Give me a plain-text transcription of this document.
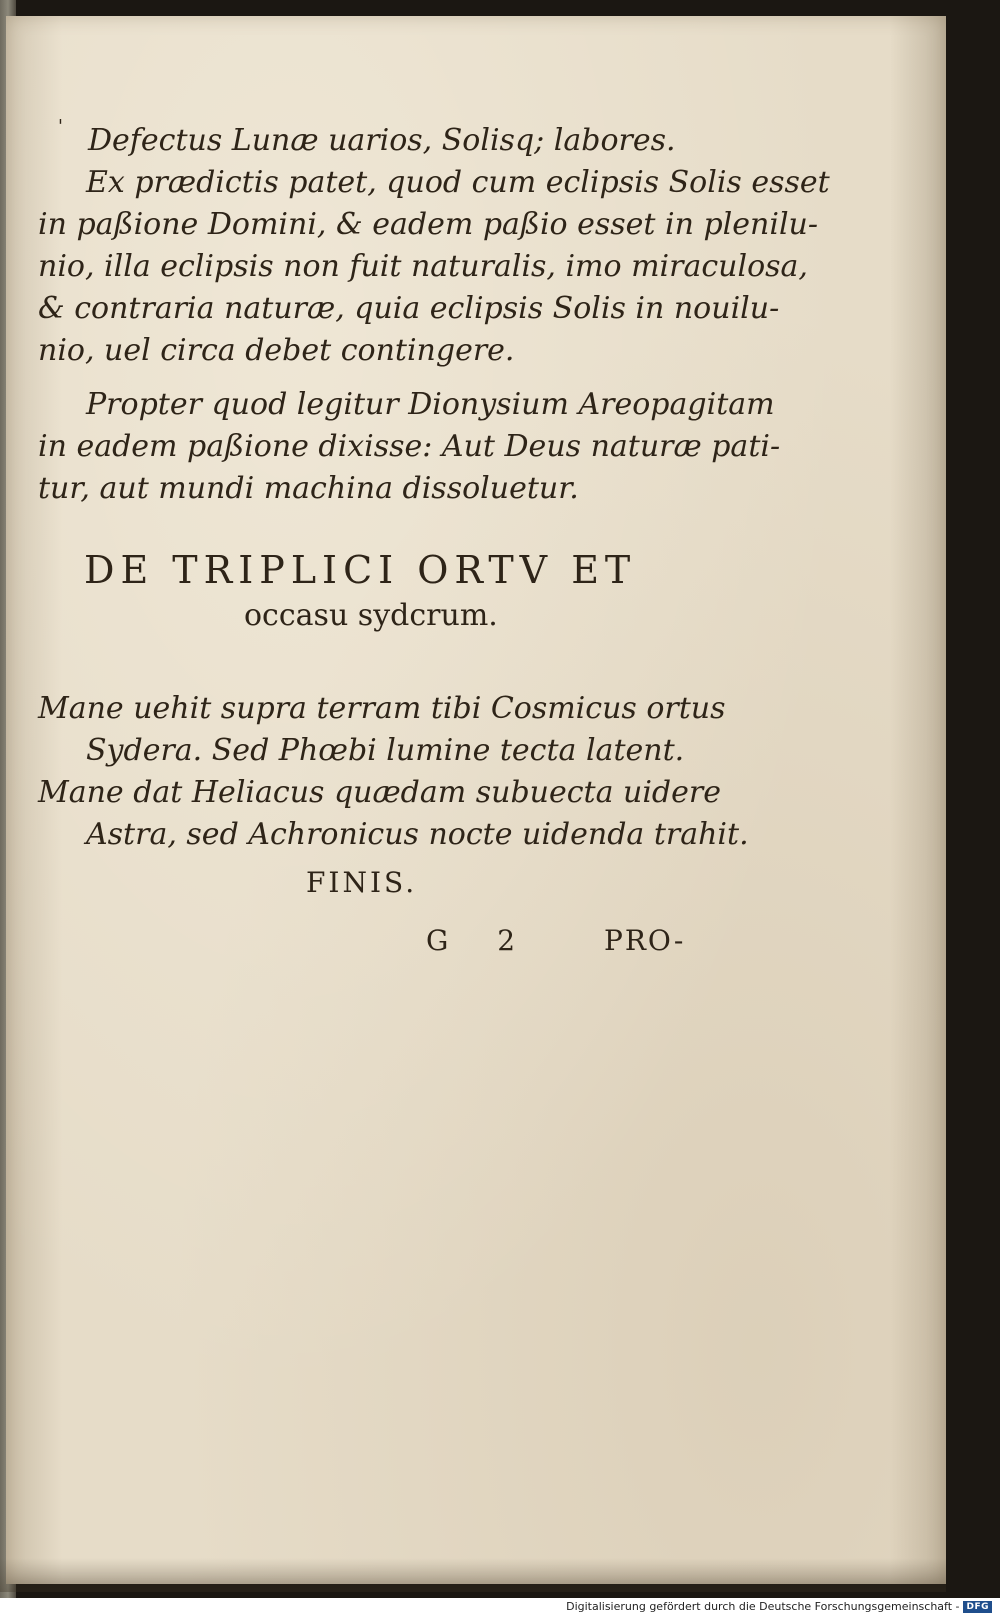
' Defectus Lunæ uarios, Solisq; labores.
Ex prædictis patet, quod cum eclipsis Solis esset
in paßione Domini, & eadem paßio esset in plenilu-
nio, illa eclipsis non fuit naturalis, imo miraculosa,
& contraria naturæ, quia eclipsis Solis in nouilu-
nio, uel circa debet contingere.
Propter quod legitur Dionysium Areopagitam
in eadem paßione dixisse: Aut Deus naturæ pati-
tur, aut mundi machina dissoluetur.
DE TRIPLICI ORTV ET
occasu sydcrum.
Mane uehit supra terram tibi Cosmicus ortus
Sydera. Sed Phœbi lumine tecta latent.
Mane dat Heliacus quædam subuecta uidere
Astra, sed Achronicus nocte uidenda trahit.
FINIS.
G 2	PRO-
Digitalisierung gefördert durch die Deutsche Forschungsgemeinschaft - DFG
